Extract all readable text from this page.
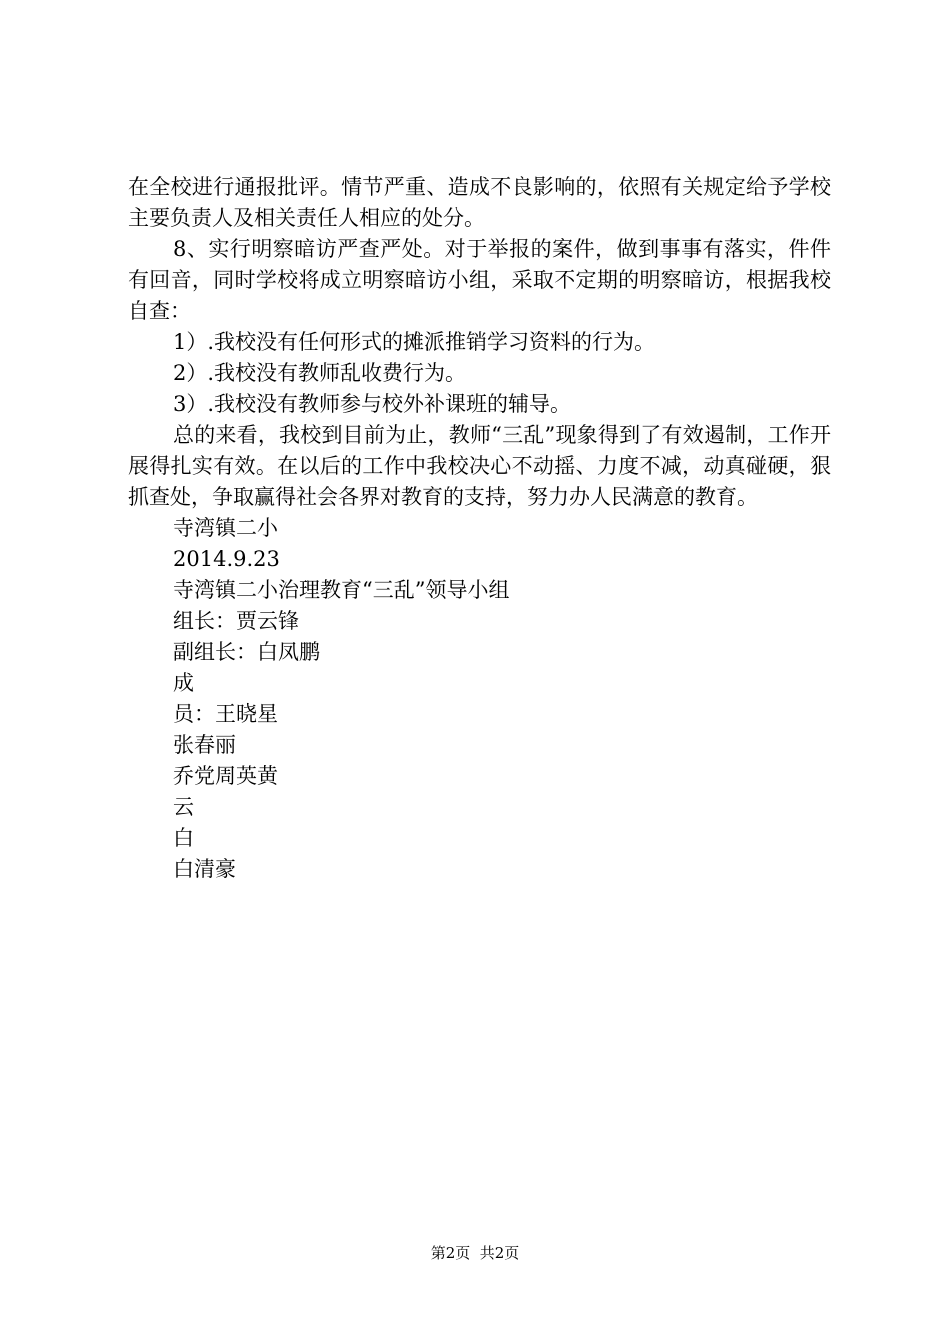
在全校进行通报批评。情节严重、造成不良影响的，依照有关规定给予学校主要负责人及相关责任人相应的处分。

8、实行明察暗访严查严处。对于举报的案件，做到事事有落实，件件有回音，同时学校将成立明察暗访小组，采取不定期的明察暗访，根据我校自查：

1）.我校没有任何形式的摊派推销学习资料的行为。

2）.我校没有教师乱收费行为。

3）.我校没有教师参与校外补课班的辅导。

总的来看，我校到目前为止，教师“三乱”现象得到了有效遏制，工作开展得扎实有效。在以后的工作中我校决心不动摇、力度不减，动真碰硬，狠抓查处，争取赢得社会各界对教育的支持，努力办人民满意的教育。

寺湾镇二小

2014.9.23

寺湾镇二小治理教育“三乱”领导小组

组长：贾云锋

副组长：白凤鹏

成

员：王晓星

张春丽

乔党周英黄

云

白

白清豪

第2页  共2页
